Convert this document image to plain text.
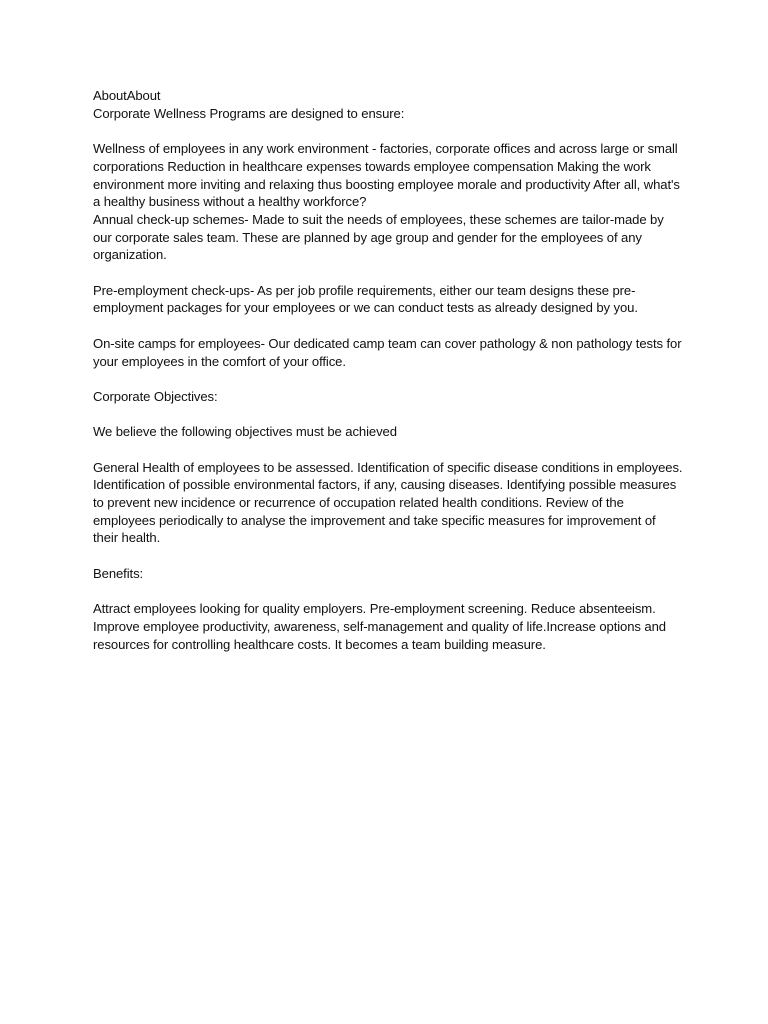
AboutAbout

Corporate Wellness Programs are designed to ensure:

Wellness of employees in any work environment - factories, corporate offices and across large or small corporations Reduction in healthcare expenses towards employee compensation Making the work environment more inviting and relaxing thus boosting employee morale and productivity After all, what's a healthy business without a healthy workforce?

Annual check-up schemes- Made to suit the needs of employees, these schemes are tailor-made by our corporate sales team. These are planned by age group and gender for the employees of any organization.

Pre-employment check-ups- As per job profile requirements, either our team designs these pre-employment packages for your employees or we can conduct tests as already designed by you.

On-site camps for employees- Our dedicated camp team can cover pathology & non pathology tests for your employees in the comfort of your office.

Corporate Objectives:

We believe the following objectives must be achieved

General Health of employees to be assessed. Identification of specific disease conditions in employees. Identification of possible environmental factors, if any, causing diseases. Identifying possible measures to prevent new incidence or recurrence of occupation related health conditions. Review of the employees periodically to analyse the improvement and take specific measures for improvement of their health.

Benefits:

Attract employees looking for quality employers. Pre-employment screening. Reduce absenteeism. Improve employee productivity, awareness, self-management and quality of life.Increase options and resources for controlling healthcare costs. It becomes a team building measure.
